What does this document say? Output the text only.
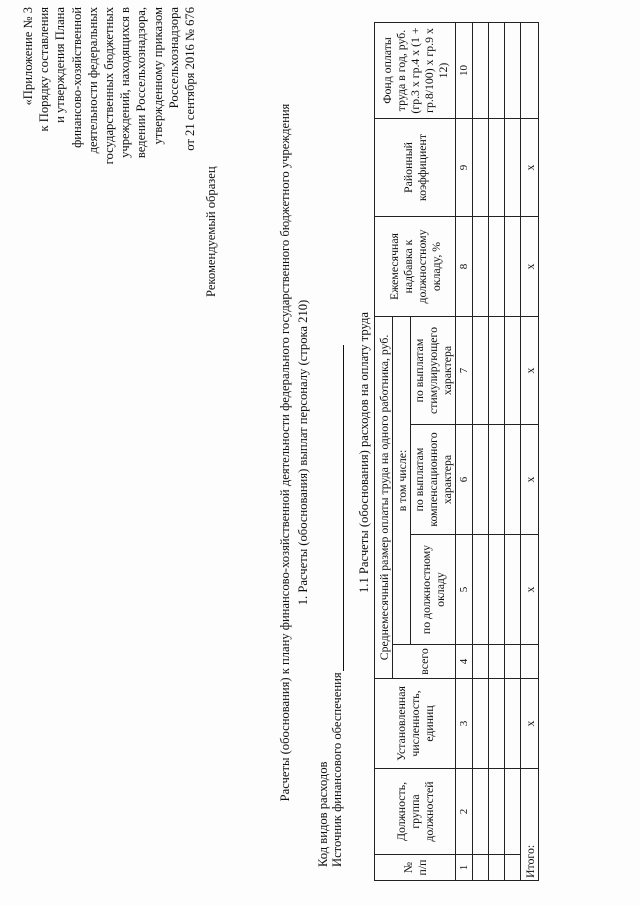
«Приложение № 3 к Порядку составления и утверждения Плана финансово-хозяйственной деятельности федеральных государственных бюджетных учреждений, находящихся в ведении Россельхознадзора, утвержденному приказом Россельхознадзора от 21 сентября 2016 № 676
Рекомендуемый образец	Расчеты (обоснования) к плану финансово-хозяйственной деятельности федерального государственного бюджетного учреждения 1. Расчеты (обоснования) выплат персоналу (строка 210)
Код видов расходов Источник финансового обеспечения
1.1 Расчеты (обоснования) расходов на оплату труда
№ п/п	Должность, группа должностей	Установленная численность, единиц	Среднемесячный размер оплаты труда на одного работника, руб.				Ежемесячная надбавка к должностному окладу, %	Районный коэффициент	Фонд оплаты труда в год, руб. (гр.3 х гр.4 х (1 + гр.8/100) х гр.9 х 12)
			всего	в том числе:					
				по должностному окладу	по выплатам компенсационного характера	по выплатам стимулирующего характера			
1	2	3	4	5	6	7	8	9	10

Итого:		x		x	x	x	x	x	
